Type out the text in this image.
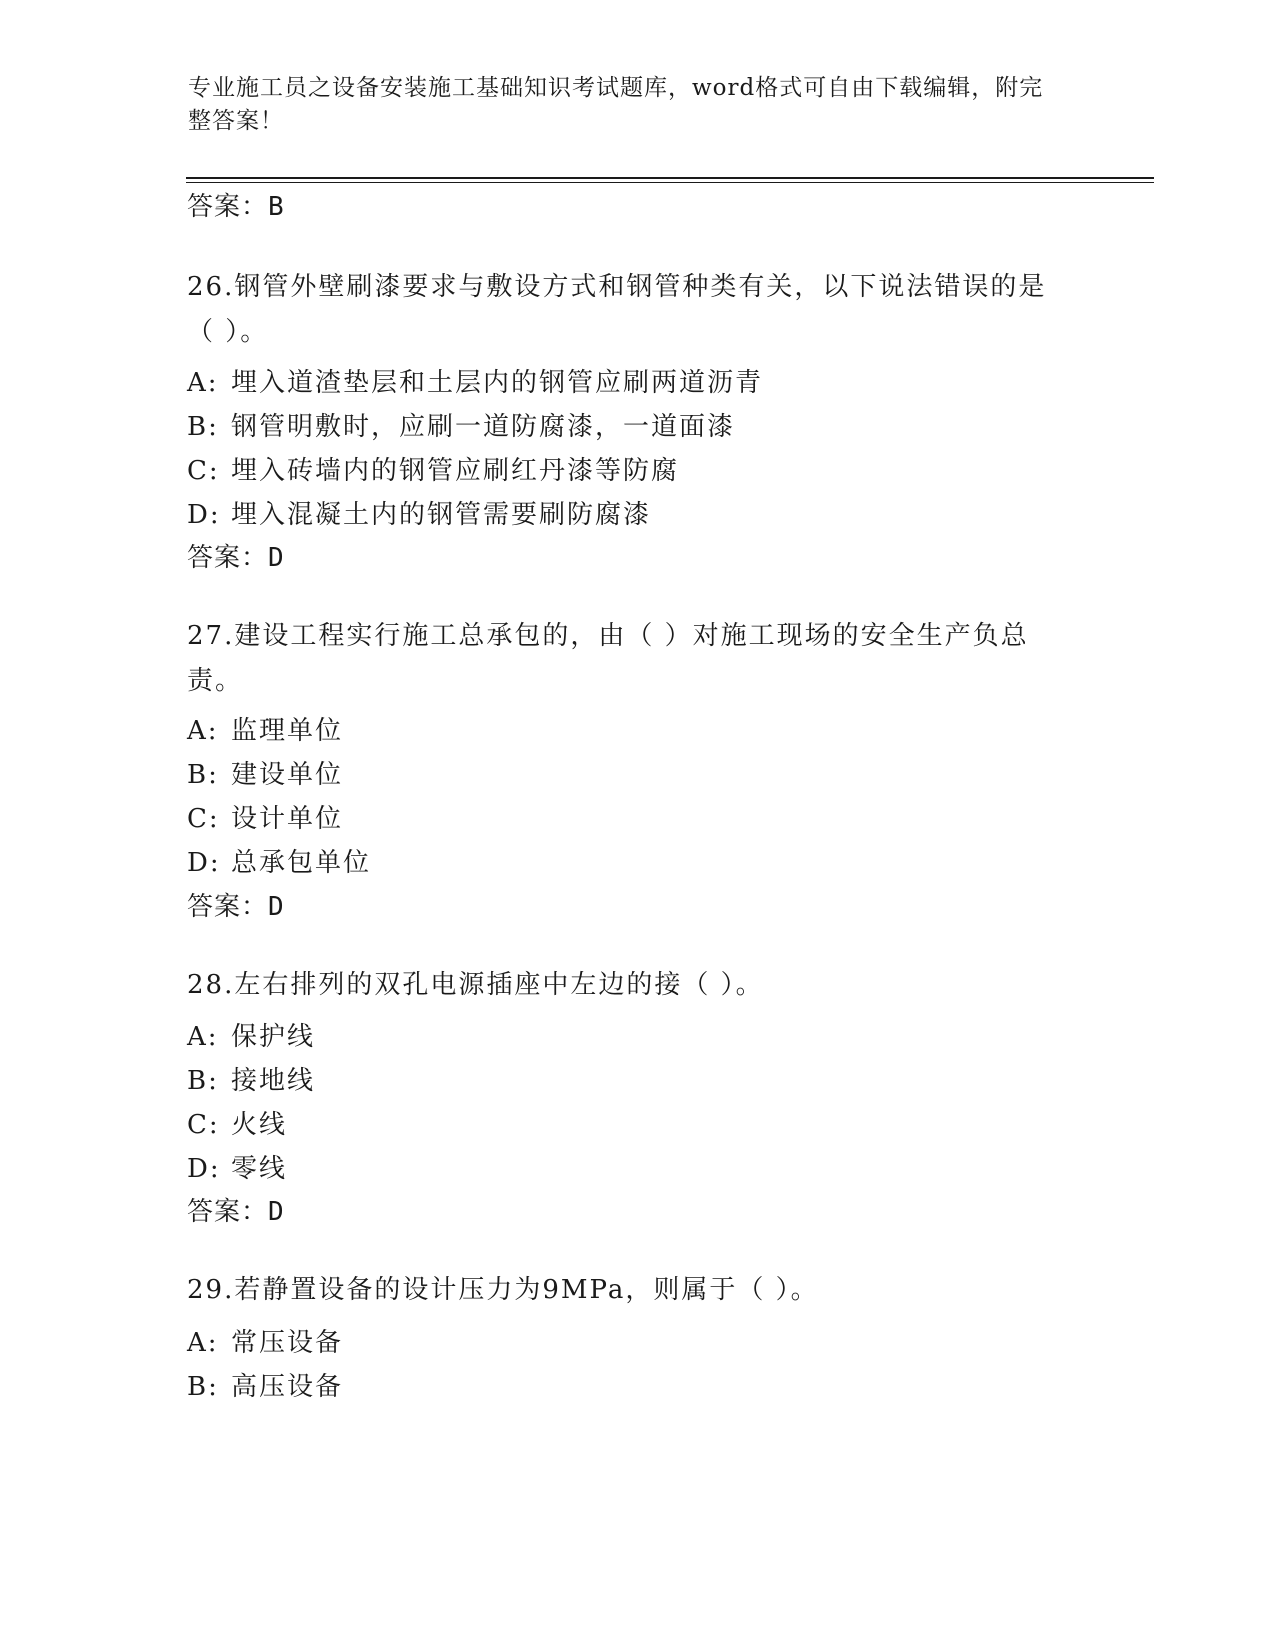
专业施工员之设备安装施工基础知识考试题库，word格式可自由下载编辑，附完
整答案！
答案：B
26.钢管外壁刷漆要求与敷设方式和钢管种类有关，以下说法错误的是
（ ）。
A: 埋入道渣垫层和土层内的钢管应刷两道沥青
B: 钢管明敷时，应刷一道防腐漆，一道面漆
C: 埋入砖墙内的钢管应刷红丹漆等防腐
D: 埋入混凝土内的钢管需要刷防腐漆
答案：D
27.建设工程实行施工总承包的，由（ ）对施工现场的安全生产负总
责。
A: 监理单位
B: 建设单位
C: 设计单位
D: 总承包单位
答案：D
28.左右排列的双孔电源插座中左边的接（ ）。
A: 保护线
B: 接地线
C: 火线
D: 零线
答案：D
29.若静置设备的设计压力为9MPa，则属于（ ）。
A: 常压设备
B: 高压设备
